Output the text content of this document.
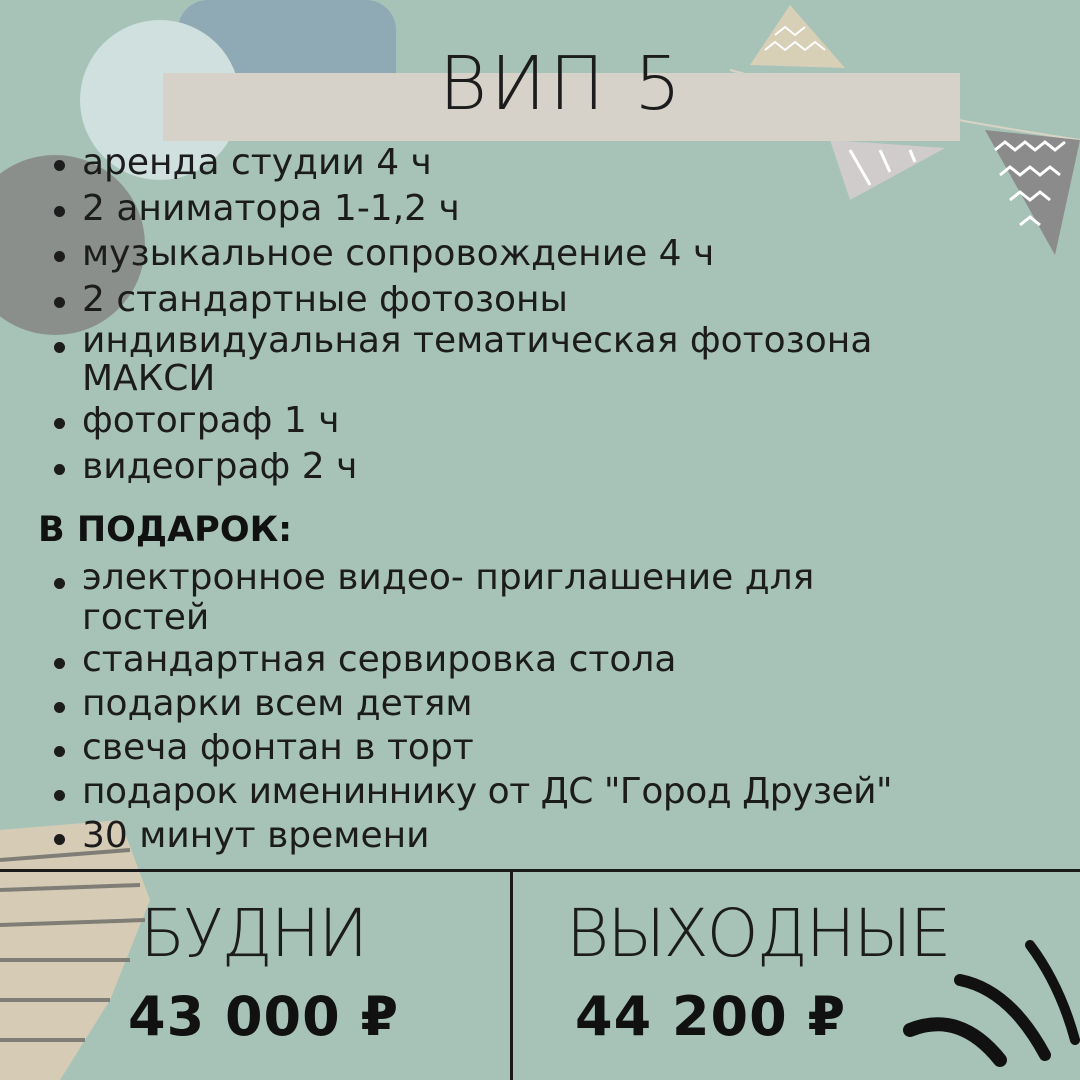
ВИП 5
аренда студии 4 ч
2 аниматора 1-1,2 ч
музыкальное сопровождение 4 ч
2 стандартные фотозоны
индивидуальная тематическая фотозона МАКСИ
фотограф 1 ч
видеограф 2 ч
В ПОДАРОК:
электронное видео- приглашение для гостей
стандартная сервировка стола
подарки всем детям
свеча фонтан в торт
подарок имениннику от ДС "Город Друзей"
30 минут времени
БУДНИ
43 000 ₽
ВЫХОДНЫЕ
44 200 ₽
